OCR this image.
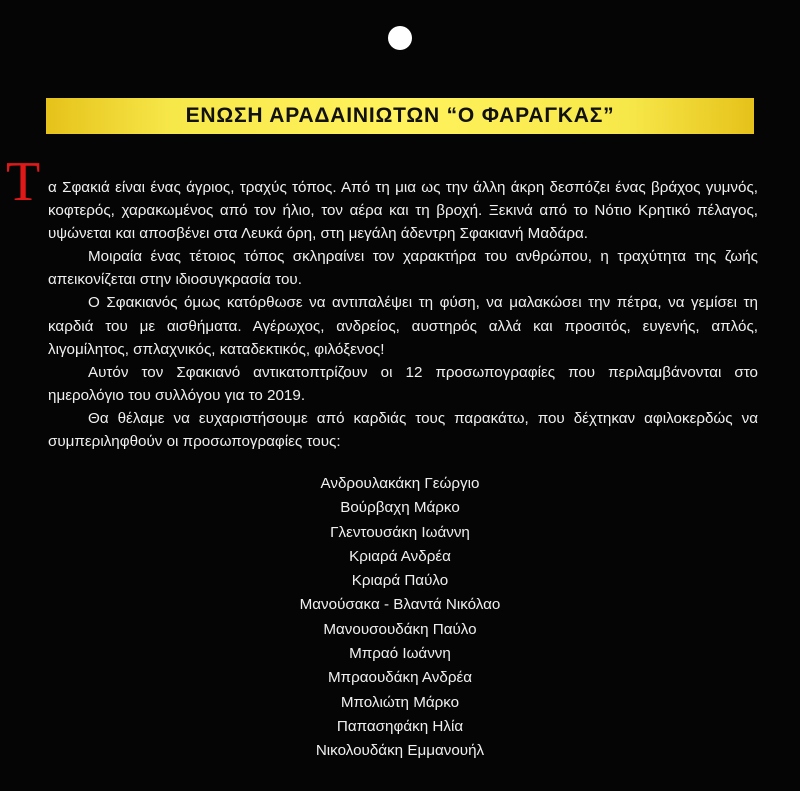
ΕΝΩΣΗ ΑΡΑΔΑΙΝΙΩΤΩΝ “Ο ΦΑΡΑΓΚΑΣ”

Τ α Σφακιά είναι ένας άγριος, τραχύς τόπος. Από τη μια ως την άλλη άκρη δεσπόζει ένας βράχος γυμνός, κοφτερός, χαρακωμένος από τον ήλιο, τον αέρα και τη βροχή. Ξεκινά από το Νότιο Κρητικό πέλαγος, υψώνεται και αποσβένει στα Λευκά όρη, στη μεγάλη άδεντρη Σφακιανή Μαδάρα.

Μοιραία ένας τέτοιος τόπος σκληραίνει τον χαρακτήρα του ανθρώπου, η τραχύτητα της ζωής απεικονίζεται στην ιδιοσυγκρασία του.

Ο Σφακιανός όμως κατόρθωσε να αντιπαλέψει τη φύση, να μαλακώσει την πέτρα, να γεμίσει τη καρδιά του με αισθήματα. Αγέρωχος, ανδρείος, αυστηρός αλλά και προσιτός, ευγενής, απλός, λιγομίλητος, σπλαχνικός, καταδεκτικός, φιλόξενος!

Αυτόν τον Σφακιανό αντικατοπτρίζουν οι 12 προσωπογραφίες που περιλαμβάνονται στο ημερολόγιο του συλλόγου για το 2019.

Θα θέλαμε να ευχαριστήσουμε από καρδιάς τους παρακάτω, που δέχτηκαν αφιλοκερδώς να συμπεριληφθούν οι προσωπογραφίες τους:

Ανδρουλακάκη Γεώργιο
Βούρβαχη Μάρκο
Γλεντουσάκη Ιωάννη
Κριαρά Ανδρέα
Κριαρά Παύλο
Μανούσακα - Βλαντά Νικόλαο
Μανουσουδάκη Παύλο
Μπραό Ιωάννη
Μπραουδάκη Ανδρέα
Μπολιώτη Μάρκο
Παπασηφάκη Ηλία
Νικολουδάκη Εμμανουήλ
